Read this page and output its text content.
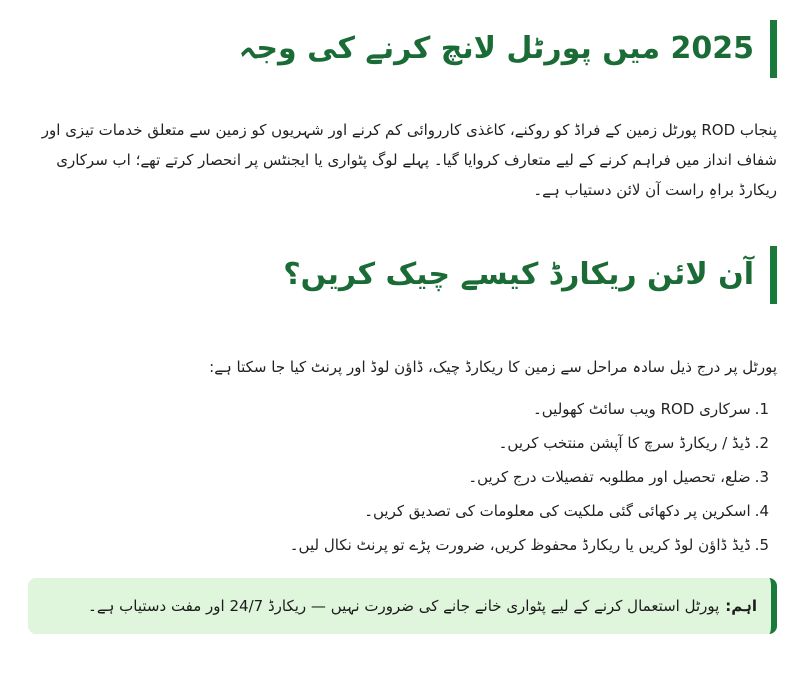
2025 میں پورٹل لانچ کرنے کی وجہ

پنجاب ROD پورٹل زمین کے فراڈ کو روکنے، کاغذی کارروائی کم کرنے اور شہریوں کو زمین سے متعلق خدمات تیزی اور شفاف انداز میں فراہم کرنے کے لیے متعارف کروایا گیا۔ پہلے لوگ پٹواری یا ایجنٹس پر انحصار کرتے تھے؛ اب سرکاری ریکارڈ براہِ راست آن لائن دستیاب ہے۔

آن لائن ریکارڈ کیسے چیک کریں؟

پورٹل پر درج ذیل سادہ مراحل سے زمین کا ریکارڈ چیک، ڈاؤن لوڈ اور پرنٹ کیا جا سکتا ہے:

1.سرکاری ROD ویب سائٹ کھولیں۔
2.ڈیڈ / ریکارڈ سرچ کا آپشن منتخب کریں۔
3.ضلع، تحصیل اور مطلوبہ تفصیلات درج کریں۔
4.اسکرین پر دکھائی گئی ملکیت کی معلومات کی تصدیق کریں۔
5.ڈیڈ ڈاؤن لوڈ کریں یا ریکارڈ محفوظ کریں، ضرورت پڑے تو پرنٹ نکال لیں۔
اہم:
پورٹل استعمال کرنے کے لیے پٹواری خانے جانے کی ضرورت نہیں — ریکارڈ 24/7 اور مفت دستیاب ہے۔
